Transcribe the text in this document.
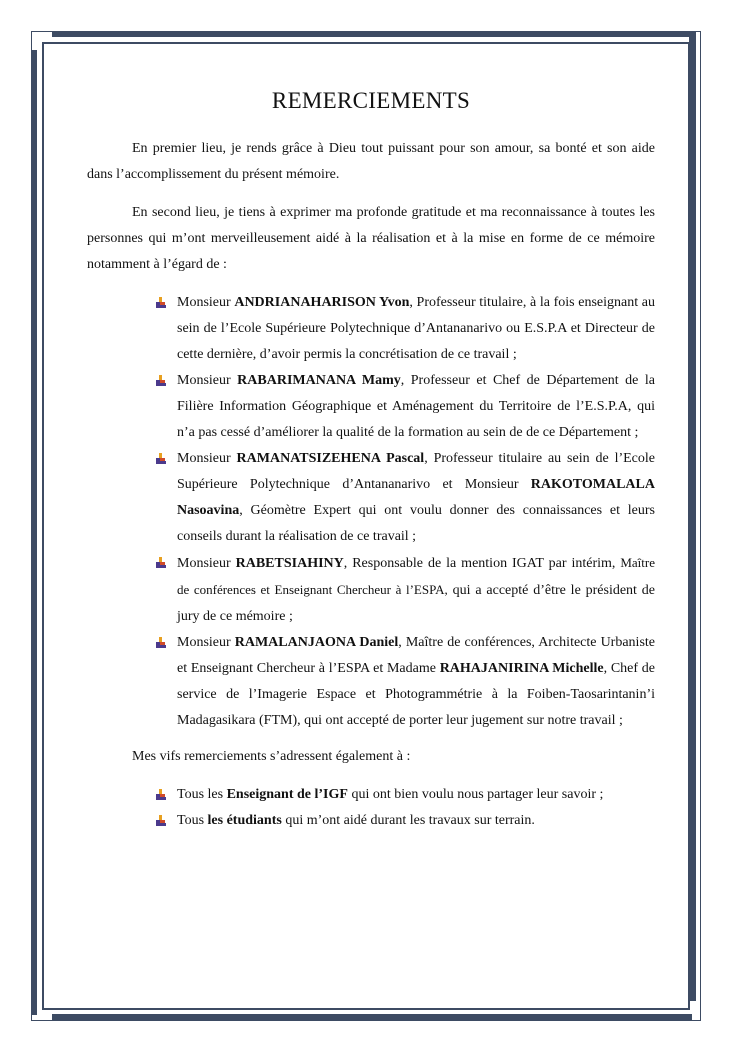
REMERCIEMENTS

En premier lieu, je rends grâce à Dieu tout puissant pour son amour, sa bonté et son aide dans l’accomplissement du présent mémoire.

En second lieu, je tiens à exprimer ma profonde gratitude et ma reconnaissance à toutes les personnes qui m’ont merveilleusement aidé à la réalisation et à la mise en forme de ce mémoire notamment à l’égard de :

Monsieur ANDRIANAHARISON Yvon, Professeur titulaire, à la fois enseignant au sein de l’Ecole Supérieure Polytechnique d’Antananarivo ou E.S.P.A et Directeur de cette dernière, d’avoir permis la concrétisation de ce travail ;
Monsieur RABARIMANANA Mamy, Professeur et Chef de Département de la Filière Information Géographique et Aménagement du Territoire de l’E.S.P.A, qui n’a pas cessé d’améliorer la qualité de la formation au sein de de ce Département ;
Monsieur RAMANATSIZEHENA Pascal, Professeur titulaire au sein de l’Ecole Supérieure Polytechnique d’Antananarivo et Monsieur RAKOTOMALALA Nasoavina, Géomètre Expert qui ont voulu donner des connaissances et leurs conseils durant la réalisation de ce travail ;
Monsieur RABETSIAHINY, Responsable de la mention IGAT par intérim, Maître de conférences et Enseignant Chercheur à l’ESPA, qui a accepté d’être le président de jury de ce mémoire ;
Monsieur RAMALANJAONA Daniel, Maître de conférences, Architecte Urbaniste et Enseignant Chercheur à l’ESPA et Madame RAHAJANIRINA Michelle, Chef de service de l’Imagerie Espace et Photogrammétrie à la Foiben-Taosarintanin’i Madagasikara (FTM), qui ont accepté de porter leur jugement sur notre travail ;

Mes vifs remerciements s’adressent également à :

Tous les Enseignant de l’IGF qui ont bien voulu nous partager leur savoir ;
Tous les étudiants qui m’ont aidé durant les travaux sur terrain.
